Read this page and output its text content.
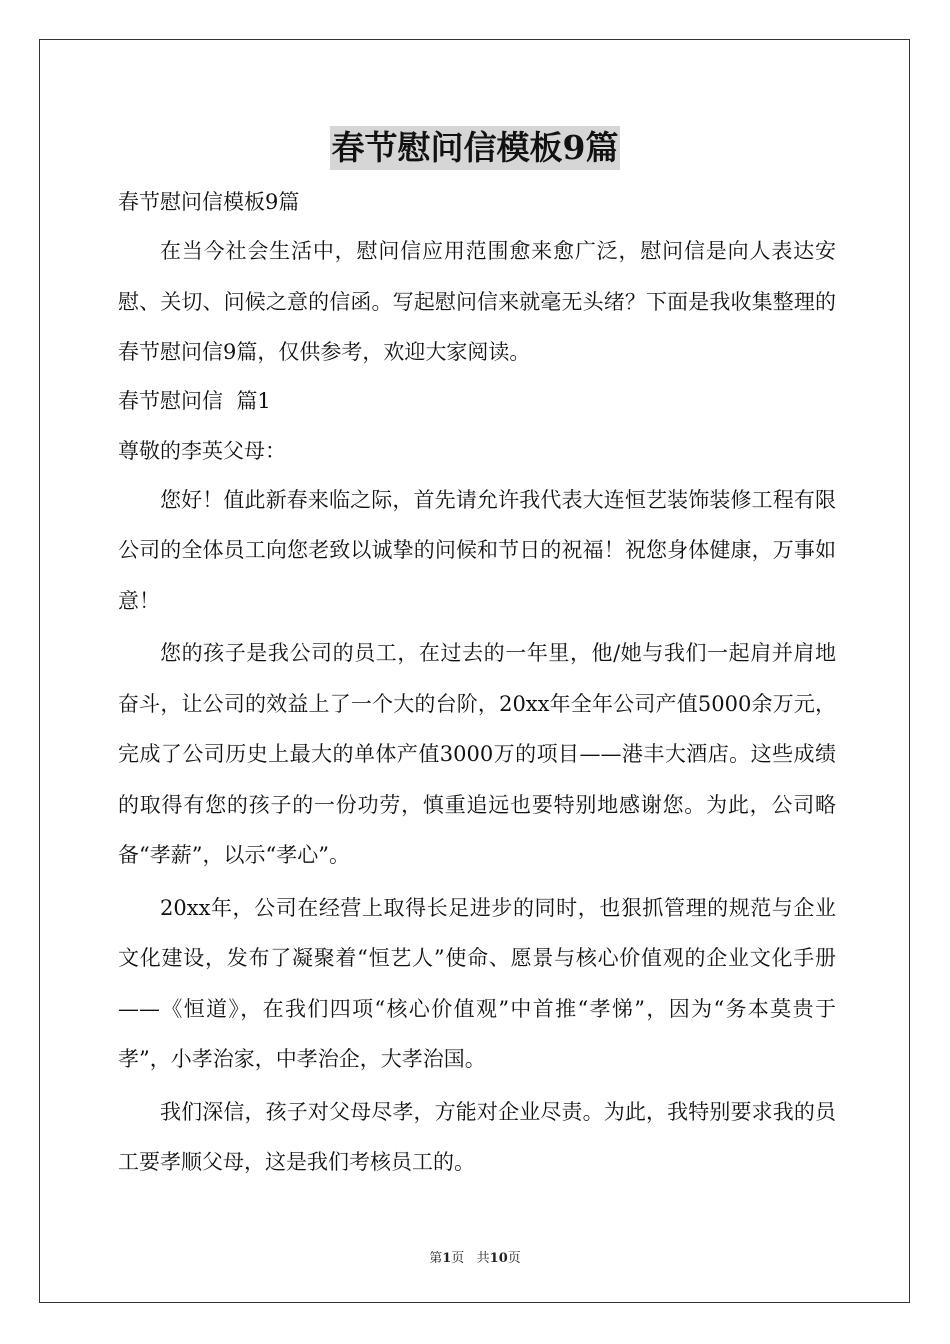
春节慰问信模板9篇
春节慰问信模板9篇

在当今社会生活中，慰问信应用范围愈来愈广泛，慰问信是向人表达安慰、关切、问候之意的信函。写起慰问信来就毫无头绪？下面是我收集整理的春节慰问信9篇，仅供参考，欢迎大家阅读。

春节慰问信  篇1
尊敬的李英父母：

您好！值此新春来临之际，首先请允许我代表大连恒艺装饰装修工程有限公司的全体员工向您老致以诚挚的问候和节日的祝福！祝您身体健康，万事如意！

您的孩子是我公司的员工，在过去的一年里，他/她与我们一起肩并肩地奋斗，让公司的效益上了一个大的台阶，20xx年全年公司产值5000余万元，完成了公司历史上最大的单体产值3000万的项目——港丰大酒店。这些成绩的取得有您的孩子的一份功劳，慎重追远也要特别地感谢您。为此，公司略备“孝薪”，以示“孝心”。

20xx年，公司在经营上取得长足进步的同时，也狠抓管理的规范与企业文化建设，发布了凝聚着“恒艺人”使命、愿景与核心价值观的企业文化手册——《恒道》，在我们四项“核心价值观”中首推“孝悌”，因为“务本莫贵于孝”，小孝治家，中孝治企，大孝治国。

我们深信，孩子对父母尽孝，方能对企业尽责。为此，我特别要求我的员工要孝顺父母，这是我们考核员工的。

第1页   共10页
